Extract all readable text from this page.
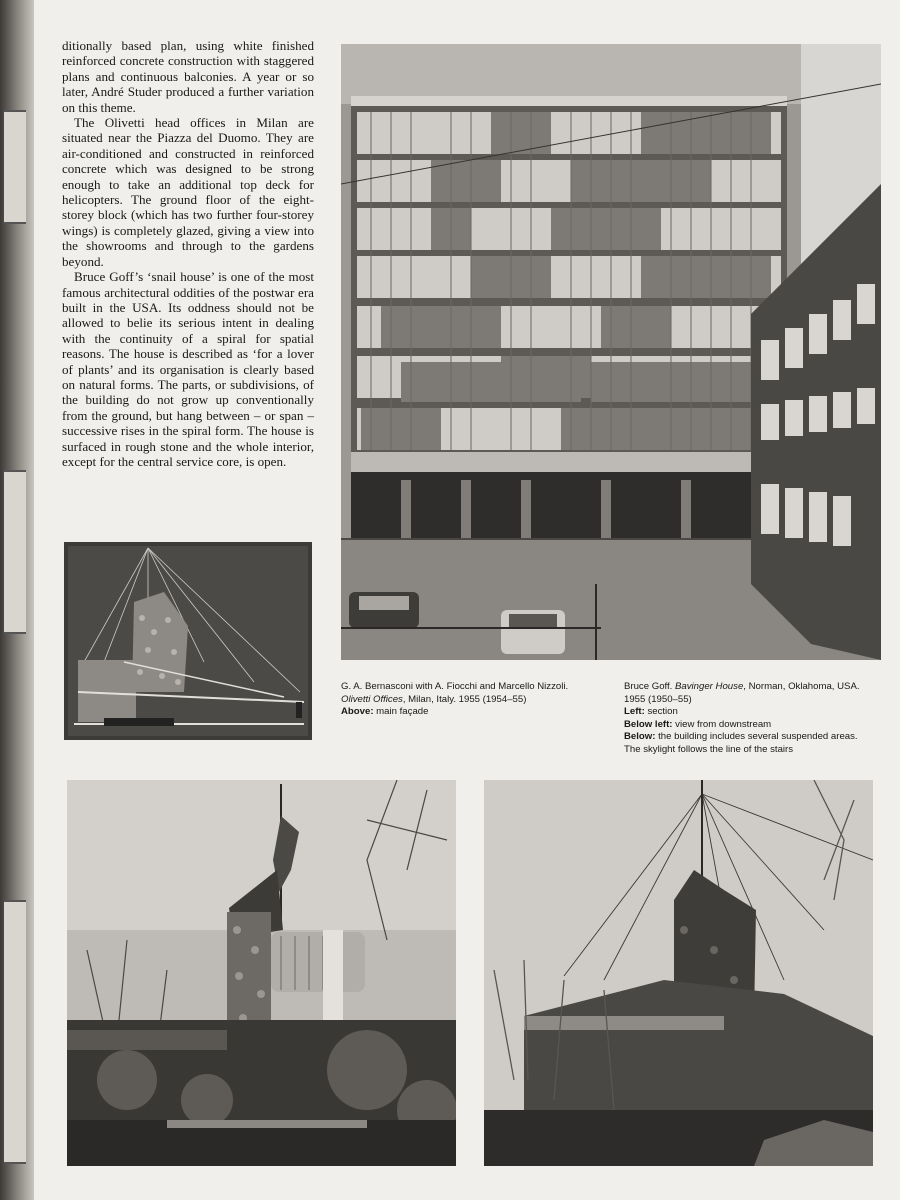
ditionally based plan, using white finished reinforced concrete construction with staggered plans and continuous balconies. A year or so later, André Studer produced a further variation on this theme.

The Olivetti head offices in Milan are situated near the Piazza del Duomo. They are air-conditioned and constructed in reinforced concrete which was designed to be strong enough to take an additional top deck for helicopters. The ground floor of the eight-storey block (which has two further four-storey wings) is completely glazed, giving a view into the showrooms and through to the gardens beyond.

Bruce Goff’s ‘snail house’ is one of the most famous architectural oddities of the postwar era built in the USA. Its oddness should not be allowed to belie its serious intent in dealing with the continuity of a spiral for spatial reasons. The house is described as ‘for a lover of plants’ and its organisation is clearly based on natural forms. The parts, or subdivisions, of the building do not grow up conventionally from the ground, but hang between – or span – successive rises in the spiral form. The house is surfaced in rough stone and the whole interior, except for the central service core, is open.

G. A. Bernasconi with A. Fiocchi and Marcello Nizzoli.
Olivetti Offices, Milan, Italy. 1955 (1954–55)
Above: main façade
Bruce Goff. Bavinger House, Norman, Oklahoma, USA.
1955 (1950–55)
Left: section
Below left: view from downstream
Below: the building includes several suspended areas.
The skylight follows the line of the stairs
